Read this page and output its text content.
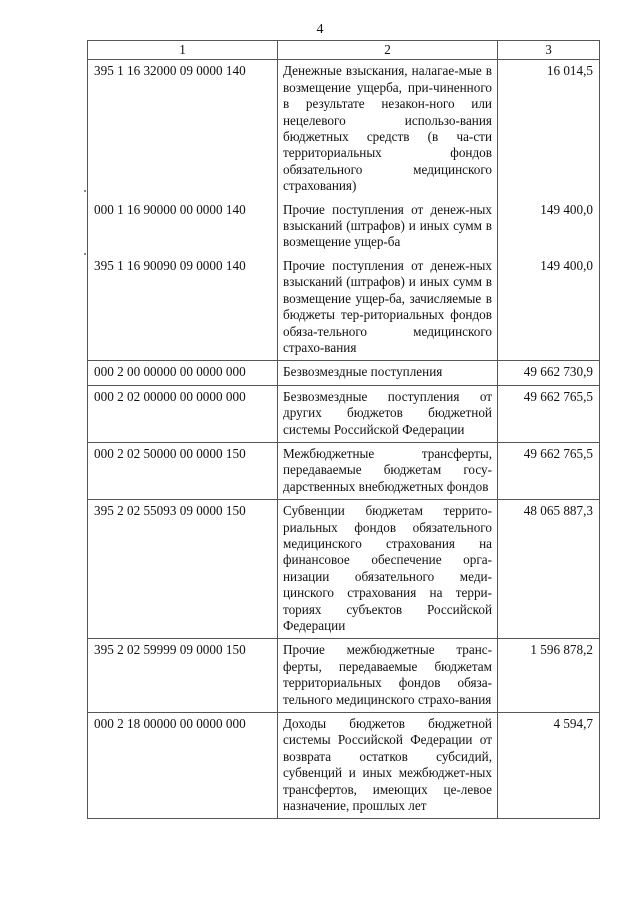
4
1	2	3
395 1 16 32000 09 0000 140	Денежные взыскания, налагае-мые в возмещение ущерба, при-чиненного в результате незакон-ного или нецелевого использо-вания бюджетных средств (в ча-сти территориальных фондов обязательного медицинского страхования)	16 014,5
000 1 16 90000 00 0000 140	Прочие поступления от денеж-ных взысканий (штрафов) и иных сумм в возмещение ущер-ба	149 400,0
395 1 16 90090 09 0000 140	Прочие поступления от денеж-ных взысканий (штрафов) и иных сумм в возмещение ущер-ба, зачисляемые в бюджеты тер-риториальных фондов обяза-тельного медицинского страхо-вания	149 400,0
000 2 00 00000 00 0000 000	Безвозмездные поступления	49 662 730,9
000 2 02 00000 00 0000 000	Безвозмездные поступления от других бюджетов бюджетной системы Российской Федерации	49 662 765,5
000 2 02 50000 00 0000 150	Межбюджетные трансферты, передаваемые бюджетам госу-дарственных внебюджетных фондов	49 662 765,5
395 2 02 55093 09 0000 150	Субвенции бюджетам террито-риальных фондов обязательного медицинского страхования на финансовое обеспечение орга-низации обязательного меди-цинского страхования на терри-ториях субъектов Российской Федерации	48 065 887,3
395 2 02 59999 09 0000 150	Прочие межбюджетные транс-ферты, передаваемые бюджетам территориальных фондов обяза-тельного медицинского страхо-вания	1 596 878,2
000 2 18 00000 00 0000 000	Доходы бюджетов бюджетной системы Российской Федерации от возврата остатков субсидий, субвенций и иных межбюджет-ных трансфертов, имеющих це-левое назначение, прошлых лет	4 594,7
